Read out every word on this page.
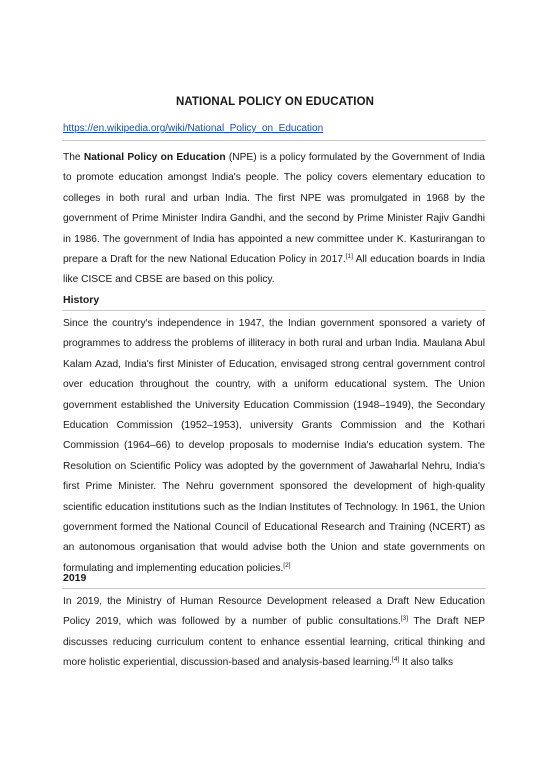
NATIONAL POLICY ON EDUCATION
https://en.wikipedia.org/wiki/National_Policy_on_Education

The National Policy on Education (NPE) is a policy formulated by the Government of India to promote education amongst India's people. The policy covers elementary education to colleges in both rural and urban India. The first NPE was promulgated in 1968 by the government of Prime Minister Indira Gandhi, and the second by Prime Minister Rajiv Gandhi in 1986. The government of India has appointed a new committee under K. Kasturirangan to prepare a Draft for the new National Education Policy in 2017.[1] All education boards in India like CISCE and CBSE are based on this policy.

History

Since the country's independence in 1947, the Indian government sponsored a variety of programmes to address the problems of illiteracy in both rural and urban India. Maulana Abul Kalam Azad, India's first Minister of Education, envisaged strong central government control over education throughout the country, with a uniform educational system. The Union government established the University Education Commission (1948–1949), the Secondary Education Commission (1952–1953), university Grants Commission and the Kothari Commission (1964–66) to develop proposals to modernise India's education system. The Resolution on Scientific Policy was adopted by the government of Jawaharlal Nehru, India's first Prime Minister. The Nehru government sponsored the development of high-quality scientific education institutions such as the Indian Institutes of Technology. In 1961, the Union government formed the National Council of Educational Research and Training (NCERT) as an autonomous organisation that would advise both the Union and state governments on formulating and implementing education policies.[2]

2019

In 2019, the Ministry of Human Resource Development released a Draft New Education Policy 2019, which was followed by a number of public consultations.[3] The Draft NEP discusses reducing curriculum content to enhance essential learning, critical thinking and more holistic experiential, discussion-based and analysis-based learning.[4] It also talks
